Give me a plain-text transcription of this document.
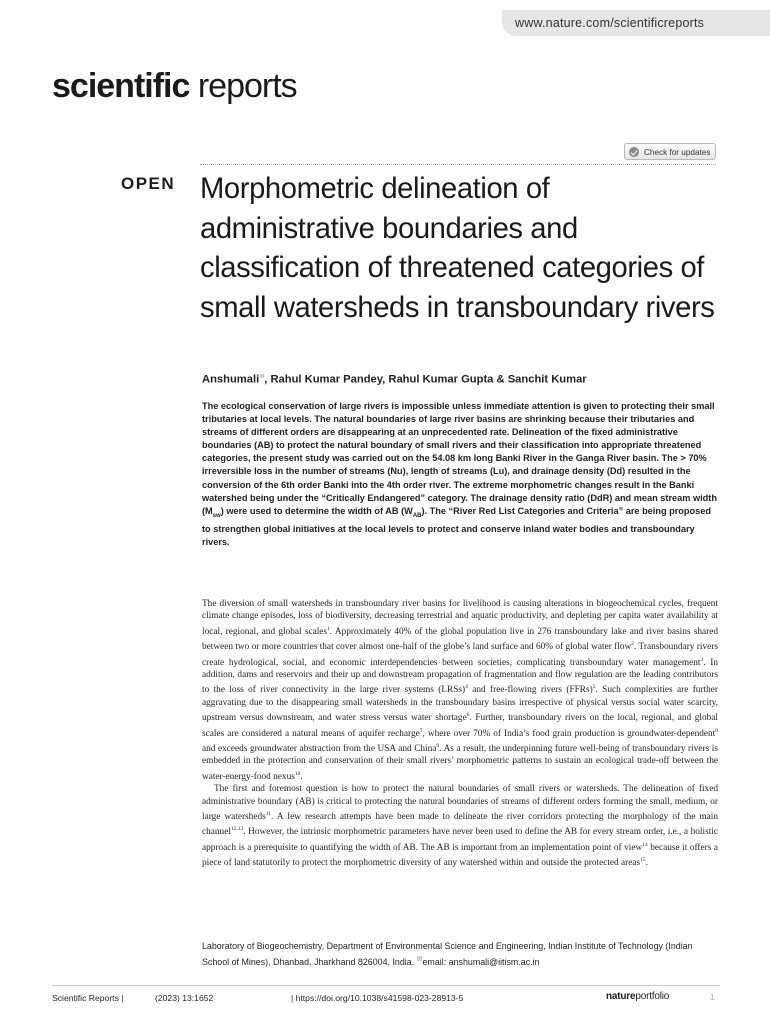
www.nature.com/scientificreports
scientific reports
Check for updates
OPEN Morphometric delineation of administrative boundaries and classification of threatened categories of small watersheds in transboundary rivers
Anshumali✉, Rahul Kumar Pandey, Rahul Kumar Gupta & Sanchit Kumar

The ecological conservation of large rivers is impossible unless immediate attention is given to protecting their small tributaries at local levels. The natural boundaries of large river basins are shrinking because their tributaries and streams of different orders are disappearing at an unprecedented rate. Delineation of the fixed administrative boundaries (AB) to protect the natural boundary of small rivers and their classification into appropriate threatened categories, the present study was carried out on the 54.08 km long Banki River in the Ganga River basin. The > 70% irreversible loss in the number of streams (Nu), length of streams (Lu), and drainage density (Dd) resulted in the conversion of the 6th order Banki into the 4th order river. The extreme morphometric changes result in the Banki watershed being under the “Critically Endangered” category. The drainage density ratio (DdR) and mean stream width $(M_{sw})$ were used to determine the width of AB $(W_{AB})$. The “River Red List Categories and Criteria” are being proposed to strengthen global initiatives at the local levels to protect and conserve inland water bodies and transboundary rivers.

The diversion of small watersheds in transboundary river basins for livelihood is causing alterations in biogeochemical cycles, frequent climate change episodes, loss of biodiversity, decreasing terrestrial and aquatic productivity, and depleting per capita water availability at local, regional, and global scales$^1$. Approximately 40% of the global population live in 276 transboundary lake and river basins shared between two or more countries that cover almost one-half of the globe’s land surface and 60% of global water flow$^2$. Transboundary rivers create hydrological, social, and economic interdependencies between societies, complicating transboundary water management$^3$. In addition, dams and reservoirs and their up and downstream propagation of fragmentation and flow regulation are the leading contributors to the loss of river connectivity in the large river systems (LRSs)$^4$ and free-flowing rivers (FFRs)$^5$. Such complexities are further aggravating due to the disappearing small watersheds in the transboundary basins irrespective of physical versus social water scarcity, upstream versus downstream, and water stress versus water shortage$^6$. Further, transboundary rivers on the local, regional, and global scales are considered a natural means of aquifer recharge$^7$, where over 70% of India’s food grain production is groundwater-dependent$^8$ and exceeds groundwater abstraction from the USA and China$^9$. As a result, the underpinning future well-being of transboundary rivers is embedded in the protection and conservation of their small rivers’ morphometric patterns to sustain an ecological trade-off between the water-energy-food nexus$^{10}$.

The first and foremost question is how to protect the natural boundaries of small rivers or watersheds. The delineation of fixed administrative boundary (AB) is critical to protecting the natural boundaries of streams of different orders forming the small, medium, or large watersheds$^{11}$. A few research attempts have been made to delineate the river corridors protecting the morphology of the main channel$^{12,13}$. However, the intrinsic morphometric parameters have never been used to define the AB for every stream order, i.e., a holistic approach is a prerequisite to quantifying the width of AB. The AB is important from an implementation point of view$^{14}$ because it offers a piece of land statutorily to protect the morphometric diversity of any watershed within and outside the protected areas$^{15}$.

Laboratory of Biogeochemistry, Department of Environmental Science and Engineering, Indian Institute of Technology (Indian School of Mines), Dhanbad, Jharkhand 826004, India. ✉email: anshumali@iitism.ac.in

Scientific Reports |	(2023) 13:1652	| https://doi.org/10.1038/s41598-023-28913-5	natureportfolio	1
